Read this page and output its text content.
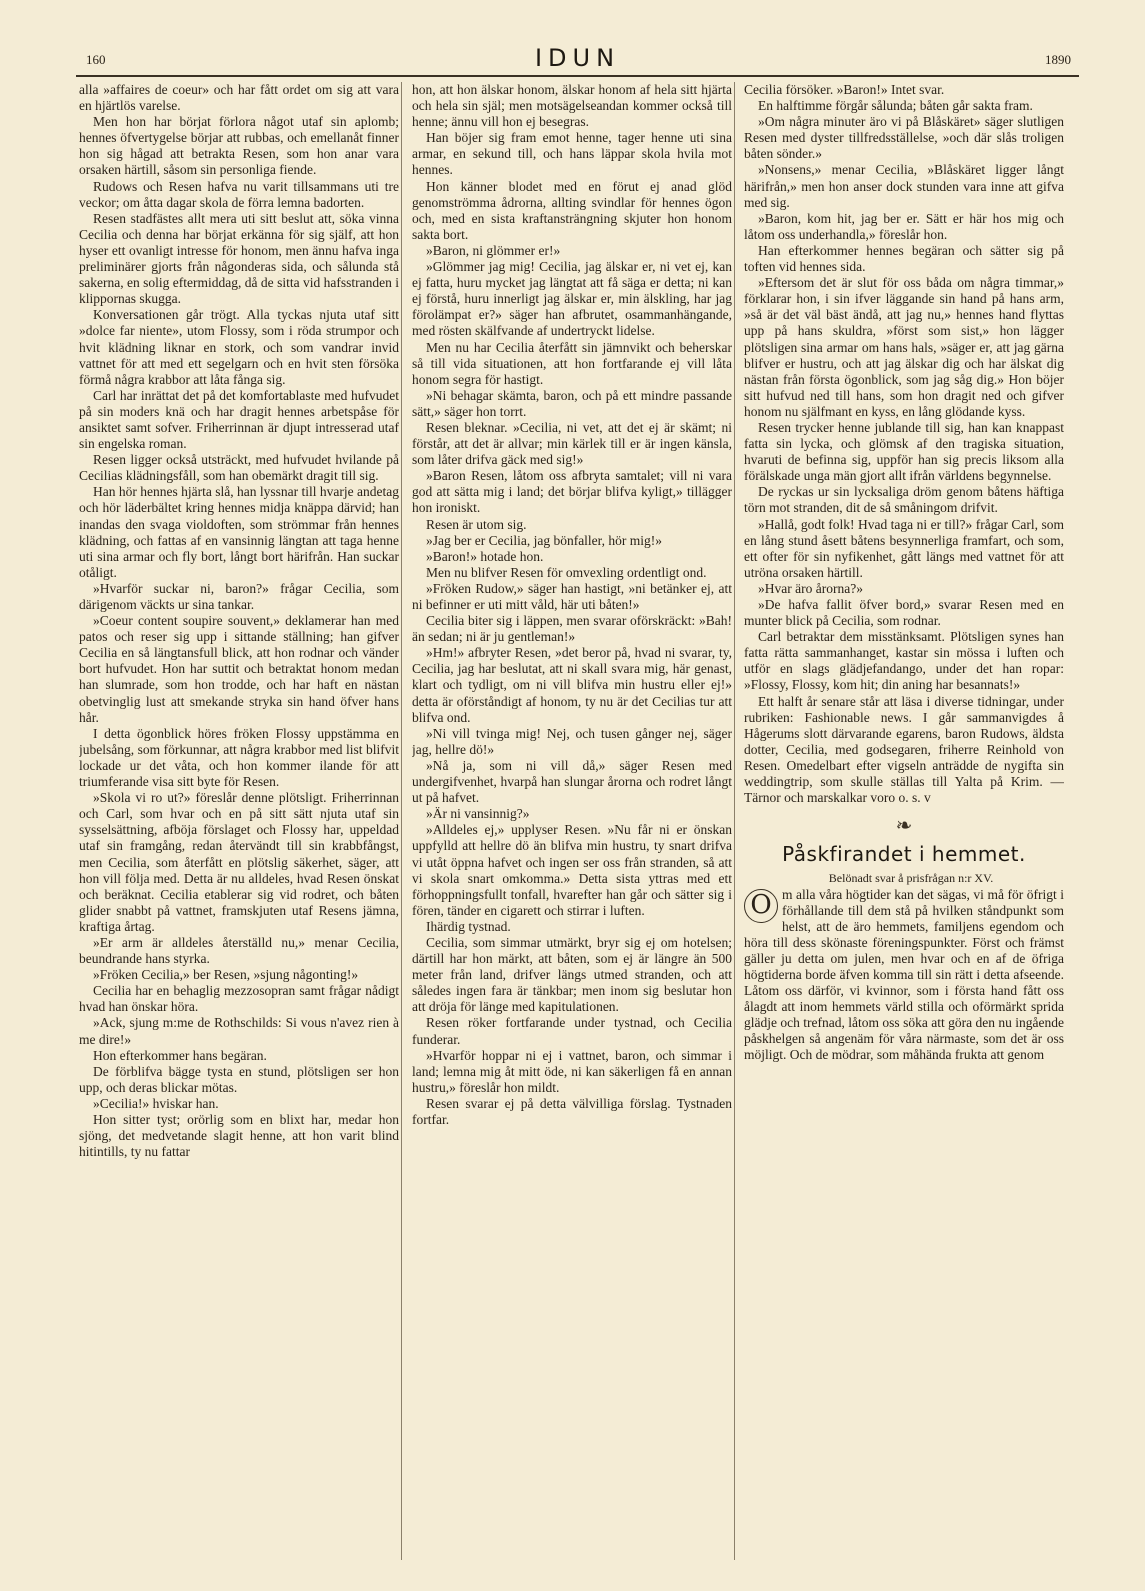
160	IDUN	1890

alla »affaires de coeur» och har fått ordet om sig att vara en hjärtlös varelse.

Men hon har börjat förlora något utaf sin aplomb; hennes öfvertygelse börjar att rubbas, och emellanåt finner hon sig hågad att betrakta Resen, som hon anar vara orsaken härtill, såsom sin personliga fiende.

Rudows och Resen hafva nu varit tillsammans uti tre veckor; om åtta dagar skola de förra lemna badorten.

Resen stadfästes allt mera uti sitt beslut att, söka vinna Cecilia och denna har börjat erkänna för sig själf, att hon hyser ett ovanligt intresse för honom, men ännu hafva inga preliminärer gjorts från någonderas sida, och sålunda stå sakerna, en solig eftermiddag, då de sitta vid hafsstranden i klippornas skugga.

Konversationen går trögt. Alla tyckas njuta utaf sitt »dolce far niente», utom Flossy, som i röda strumpor och hvit klädning liknar en stork, och som vandrar invid vattnet för att med ett segelgarn och en hvit sten försöka förmå några krabbor att låta fånga sig.

Carl har inrättat det på det komfortablaste med hufvudet på sin moders knä och har dragit hennes arbetspåse för ansiktet samt sofver. Friherrinnan är djupt intresserad utaf sin engelska roman.

Resen ligger också utsträckt, med hufvudet hvilande på Cecilias klädningsfåll, som han obemärkt dragit till sig.

Han hör hennes hjärta slå, han lyssnar till hvarje andetag och hör läderbältet kring hennes midja knäppa därvid; han inandas den svaga violdoften, som strömmar från hennes klädning, och fattas af en vansinnig längtan att taga henne uti sina armar och fly bort, långt bort härifrån. Han suckar otåligt.

»Hvarför suckar ni, baron?» frågar Cecilia, som därigenom väckts ur sina tankar.

»Coeur content soupire souvent,» deklamerar han med patos och reser sig upp i sittande ställning; han gifver Cecilia en så längtansfull blick, att hon rodnar och vänder bort hufvudet. Hon har suttit och betraktat honom medan han slumrade, som hon trodde, och har haft en nästan obetvinglig lust att smekande stryka sin hand öfver hans hår.

I detta ögonblick höres fröken Flossy uppstämma en jubelsång, som förkunnar, att några krabbor med list blifvit lockade ur det våta, och hon kommer ilande för att triumferande visa sitt byte för Resen.

»Skola vi ro ut?» föreslår denne plötsligt. Friherrinnan och Carl, som hvar och en på sitt sätt njuta utaf sin sysselsättning, afböja förslaget och Flossy har, uppeldad utaf sin framgång, redan återvändt till sin krabbfångst, men Cecilia, som återfått en plötslig säkerhet, säger, att hon vill följa med. Detta är nu alldeles, hvad Resen önskat och beräknat. Cecilia etablerar sig vid rodret, och båten glider snabbt på vattnet, framskjuten utaf Resens jämna, kraftiga årtag.

»Er arm är alldeles återställd nu,» menar Cecilia, beundrande hans styrka.

»Fröken Cecilia,» ber Resen, »sjung någonting!»

Cecilia har en behaglig mezzosopran samt frågar nådigt hvad han önskar höra.

»Ack, sjung m:me de Rothschilds: Si vous n'avez rien à me dire!»

Hon efterkommer hans begäran.

De förblifva bägge tysta en stund, plötsligen ser hon upp, och deras blickar mötas.

»Cecilia!» hviskar han.

Hon sitter tyst; orörlig som en blixt har, medar hon sjöng, det medvetande slagit henne, att hon varit blind hitintills, ty nu fattar

hon, att hon älskar honom, älskar honom af hela sitt hjärta och hela sin själ; men motsägelseandan kommer också till henne; ännu vill hon ej besegras.

Han böjer sig fram emot henne, tager henne uti sina armar, en sekund till, och hans läppar skola hvila mot hennes.

Hon känner blodet med en förut ej anad glöd genomströmma ådrorna, allting svindlar för hennes ögon och, med en sista kraftansträngning skjuter hon honom sakta bort.

»Baron, ni glömmer er!»

»Glömmer jag mig! Cecilia, jag älskar er, ni vet ej, kan ej fatta, huru mycket jag längtat att få säga er detta; ni kan ej förstå, huru innerligt jag älskar er, min älskling, har jag förolämpat er?» säger han afbrutet, osammanhängande, med rösten skälfvande af undertryckt lidelse.

Men nu har Cecilia återfått sin jämnvikt och beherskar så till vida situationen, att hon fortfarande ej vill låta honom segra för hastigt.

»Ni behagar skämta, baron, och på ett mindre passande sätt,» säger hon torrt.

Resen bleknar. »Cecilia, ni vet, att det ej är skämt; ni förstår, att det är allvar; min kärlek till er är ingen känsla, som låter drifva gäck med sig!»

»Baron Resen, låtom oss afbryta samtalet; vill ni vara god att sätta mig i land; det börjar blifva kyligt,» tillägger hon ironiskt.

Resen är utom sig.

»Jag ber er Cecilia, jag bönfaller, hör mig!»

»Baron!» hotade hon.

Men nu blifver Resen för omvexling ordentligt ond.

»Fröken Rudow,» säger han hastigt, »ni betänker ej, att ni befinner er uti mitt våld, här uti båten!»

Cecilia biter sig i läppen, men svarar oförskräckt: »Bah! än sedan; ni är ju gentleman!»

»Hm!» afbryter Resen, »det beror på, hvad ni svarar, ty, Cecilia, jag har beslutat, att ni skall svara mig, här genast, klart och tydligt, om ni vill blifva min hustru eller ej!» detta är oförståndigt af honom, ty nu är det Cecilias tur att blifva ond.

»Ni vill tvinga mig! Nej, och tusen gånger nej, säger jag, hellre dö!»

»Nå ja, som ni vill då,» säger Resen med undergifvenhet, hvarpå han slungar årorna och rodret långt ut på hafvet.

»Är ni vansinnig?»

»Alldeles ej,» upplyser Resen. »Nu får ni er önskan uppfylld att hellre dö än blifva min hustru, ty snart drifva vi utåt öppna hafvet och ingen ser oss från stranden, så att vi skola snart omkomma.» Detta sista yttras med ett förhoppningsfullt tonfall, hvarefter han går och sätter sig i fören, tänder en cigarett och stirrar i luften.

Ihärdig tystnad.

Cecilia, som simmar utmärkt, bryr sig ej om hotelsen; därtill har hon märkt, att båten, som ej är längre än 500 meter från land, drifver längs utmed stranden, och att således ingen fara är tänkbar; men inom sig beslutar hon att dröja för länge med kapitulationen.

Resen röker fortfarande under tystnad, och Cecilia funderar.

»Hvarför hoppar ni ej i vattnet, baron, och simmar i land; lemna mig åt mitt öde, ni kan säkerligen få en annan hustru,» föreslår hon mildt.

Resen svarar ej på detta välvilliga förslag. Tystnaden fortfar.

Cecilia försöker. »Baron!» Intet svar.

En halftimme förgår sålunda; båten går sakta fram.

»Om några minuter äro vi på Blåskäret» säger slutligen Resen med dyster tillfredsställelse, »och där slås troligen båten sönder.»

»Nonsens,» menar Cecilia, »Blåskäret ligger långt härifrån,» men hon anser dock stunden vara inne att gifva med sig.

»Baron, kom hit, jag ber er. Sätt er här hos mig och låtom oss underhandla,» föreslår hon.

Han efterkommer hennes begäran och sätter sig på toften vid hennes sida.

»Eftersom det är slut för oss båda om några timmar,» förklarar hon, i sin ifver läggande sin hand på hans arm, »så är det väl bäst ändå, att jag nu,» hennes hand flyttas upp på hans skuldra, »först som sist,» hon lägger plötsligen sina armar om hans hals, »säger er, att jag gärna blifver er hustru, och att jag älskar dig och har älskat dig nästan från första ögonblick, som jag såg dig.» Hon böjer sitt hufvud ned till hans, som hon dragit ned och gifver honom nu själfmant en kyss, en lång glödande kyss.

Resen trycker henne jublande till sig, han kan knappast fatta sin lycka, och glömsk af den tragiska situation, hvaruti de befinna sig, uppför han sig precis liksom alla förälskade unga män gjort allt ifrån världens begynnelse.

De ryckas ur sin lycksaliga dröm genom båtens häftiga törn mot stranden, dit de så småningom drifvit.

»Hallå, godt folk! Hvad taga ni er till?» frågar Carl, som en lång stund åsett båtens besynnerliga framfart, och som, ett ofter för sin nyfikenhet, gått längs med vattnet för att utröna orsaken härtill.

»Hvar äro årorna?»

»De hafva fallit öfver bord,» svarar Resen med en munter blick på Cecilia, som rodnar.

Carl betraktar dem misstänksamt. Plötsligen synes han fatta rätta sammanhanget, kastar sin mössa i luften och utför en slags glädjefandango, under det han ropar: »Flossy, Flossy, kom hit; din aning har besannats!»

Ett halft år senare står att läsa i diverse tidningar, under rubriken: Fashionable news. I går sammanvigdes å Hågerums slott därvarande egarens, baron Rudows, äldsta dotter, Cecilia, med godsegaren, friherre Reinhold von Resen. Omedelbart efter vigseln anträdde de nygifta sin weddingtrip, som skulle ställas till Yalta på Krim. — Tärnor och marskalkar voro o. s. v

❧
Påskfirandet i hemmet.

Belönadt svar å prisfrågan n:r XV.

O m alla våra högtider kan det sägas, vi må för öfrigt i förhållande till dem stå på hvilken ståndpunkt som helst, att de äro hemmets, familjens egendom och höra till dess skönaste föreningspunkter. Först och främst gäller ju detta om julen, men hvar och en af de öfriga högtiderna borde äfven komma till sin rätt i detta afseende. Låtom oss därför, vi kvinnor, som i första hand fått oss ålagdt att inom hemmets värld stilla och oförmärkt sprida glädje och trefnad, låtom oss söka att göra den nu ingående påskhelgen så angenäm för våra närmaste, som det är oss möjligt. Och de mödrar, som måhända frukta att genom
